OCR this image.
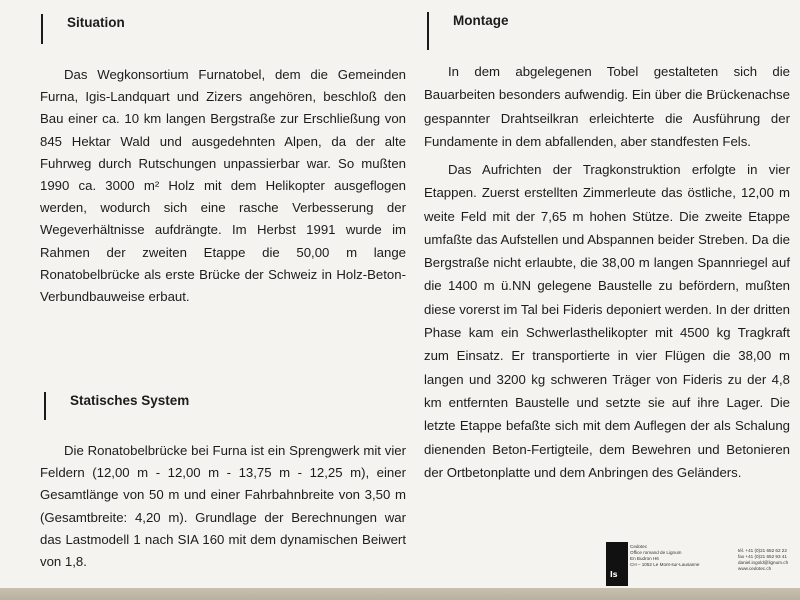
Situation

Das Wegkonsortium Furnatobel, dem die Gemeinden Furna, Igis-Landquart und Zizers angehören, beschloß den Bau einer ca. 10 km langen Bergstraße zur Erschließung von 845 Hektar Wald und ausgedehnten Alpen, da der alte Fuhrweg durch Rutschungen unpassierbar war. So mußten 1990 ca. 3000 m² Holz mit dem Helikopter ausgeflogen werden, wodurch sich eine rasche Verbesserung der Wegeverhältnisse aufdrängte. Im Herbst 1991 wurde im Rahmen der zweiten Etappe die 50,00 m lange Ronatobelbrücke als erste Brücke der Schweiz in Holz-Beton-Verbundbauweise erbaut.

Statisches System

Die Ronatobelbrücke bei Furna ist ein Sprengwerk mit vier Feldern (12,00 m - 12,00 m - 13,75 m - 12,25 m), einer Gesamtlänge von 50 m und einer Fahrbahnbreite von 3,50 m (Gesamtbreite: 4,20 m). Grundlage der Berechnungen war das Lastmodell 1 nach SIA 160 mit dem dynamischen Beiwert von 1,8.

Montage

In dem abgelegenen Tobel gestalteten sich die Bauarbeiten besonders aufwendig. Ein über die Brückenachse gespannter Drahtseilkran erleichterte die Ausführung der Fundamente in dem abfallenden, aber standfesten Fels.

Das Aufrichten der Tragkonstruktion erfolgte in vier Etappen. Zuerst erstellten Zimmerleute das östliche, 12,00 m weite Feld mit der 7,65 m hohen Stütze. Die zweite Etappe umfaßte das Aufstellen und Abspannen beider Streben. Da die Bergstraße nicht erlaubte, die 38,00 m langen Spannriegel auf die 1400 m ü.NN gelegene Baustelle zu befördern, mußten diese vorerst im Tal bei Fideris deponiert werden. In der dritten Phase kam ein Schwerlasthelikopter mit 4500 kg Tragkraft zum Einsatz. Er transportierte in vier Flügen die 38,00 m langen und 3200 kg schweren Träger von Fideris zu der 4,8 km entfernten Baustelle und setzte sie auf ihre Lager. Die letzte Etappe befaßte sich mit dem Auflegen der als Schalung dienenden Beton-Fertigteile, dem Bewehren und Betonieren der Ortbetonplatte und dem Anbringen des Geländers.

ls
Cedotec
Office romand de Lignum
En Budron H6
CH – 1052 Le Mont-sur-Lausanne
tél. +41 (0)21 652 62 22
fax +41 (0)21 652 93 41
daniel.ingold@lignum.ch
www.cedotec.ch
